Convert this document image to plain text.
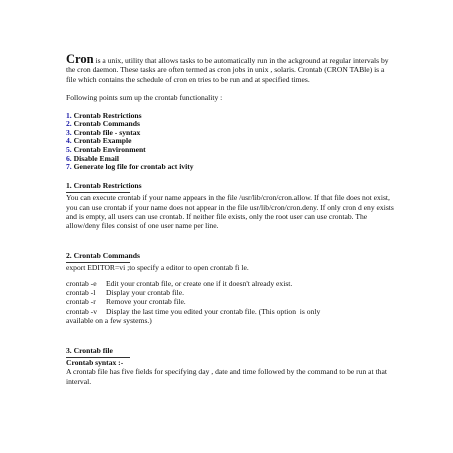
Cron is a unix, utility that allows tasks to be automatically run in the ackground at regular intervals by the cron daemon. These tasks are often termed as cron jobs in unix , solaris. Crontab (CRON TABle) is a file which contains the schedule of cron en tries to be run and at specified times.

Following points sum up the crontab functionality :

1. Crontab Restrictions

2. Crontab Commands

3. Crontab file - syntax

4. Crontab Example

5. Crontab Environment

6. Disable Email

7. Generate log file for crontab act ivity

1. Crontab Restrictions

You can execute crontab if your name appears in the file /usr/lib/cron/cron.allow. If that file does not exist, you can use crontab if your name does not appear in the file usr/lib/cron/cron.deny. If only cron d eny exists and is empty, all users can use crontab. If neither file exists, only the root user can use crontab. The allow/deny files consist of one user name per line.

2. Crontab Commands

export EDITOR=vi ;to specify a editor to open crontab fi le.

crontab -e Edit your crontab file, or create one if it doesn't already exist.

crontab -l Display your crontab file.

crontab -r Remove your crontab file.

crontab -v Display the last time you edited your crontab file. (This option  is only

available on a few systems.)

3. Crontab file

Crontab syntax :-

A crontab file has five fields for specifying day , date and time followed by the command to be run at that interval.
